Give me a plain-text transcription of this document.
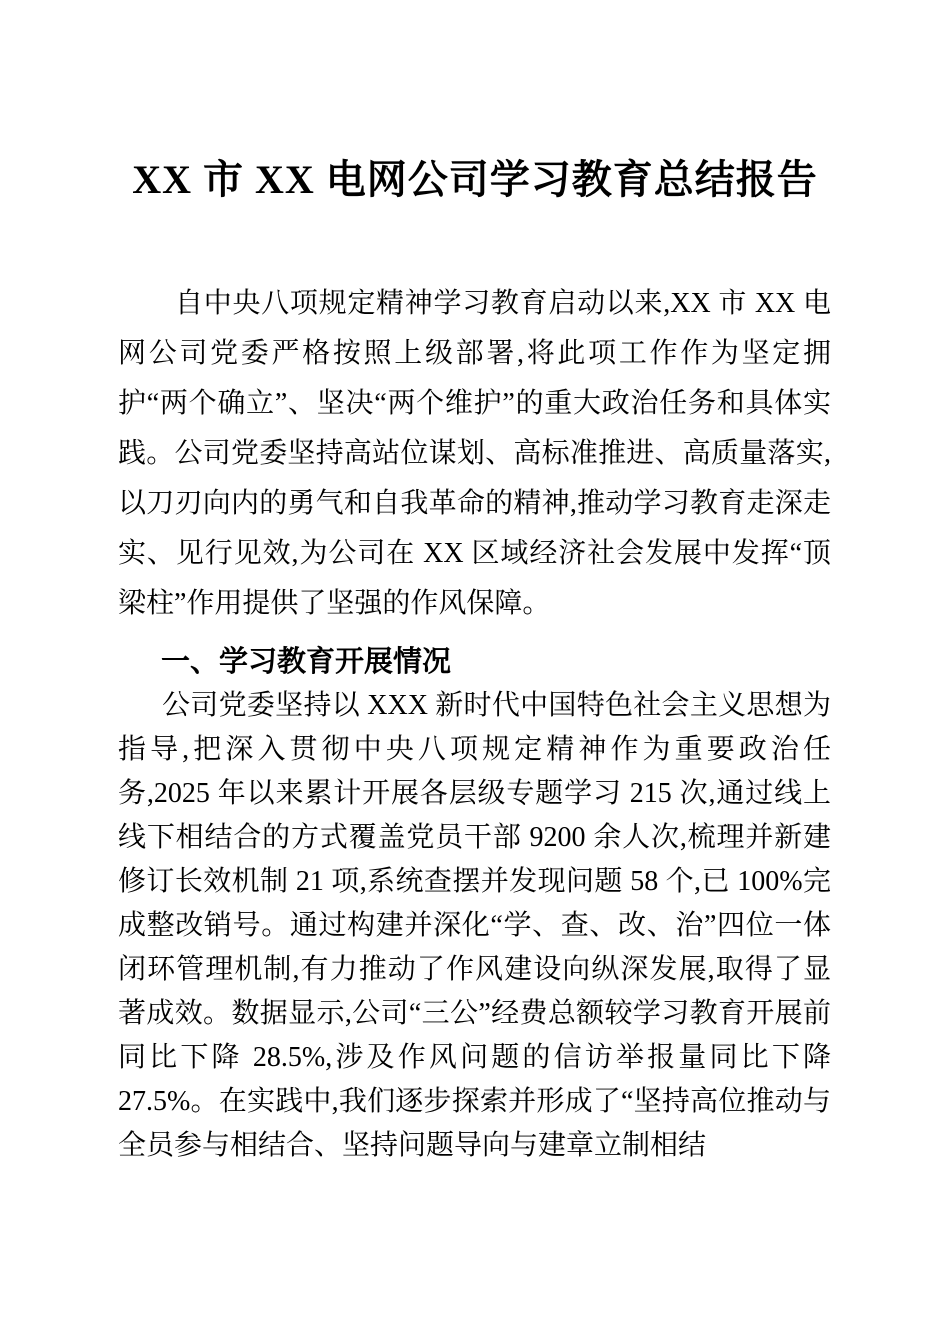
XX 市 XX 电网公司学习教育总结报告

自中央八项规定精神学习教育启动以来,XX 市 XX 电网公司党委严格按照上级部署,将此项工作作为坚定拥护“两个确立”、坚决“两个维护”的重大政治任务和具体实践。公司党委坚持高站位谋划、高标准推进、高质量落实,以刀刃向内的勇气和自我革命的精神,推动学习教育走深走实、见行见效,为公司在 XX 区域经济社会发展中发挥“顶梁柱”作用提供了坚强的作风保障。

一、学习教育开展情况

公司党委坚持以 XXX 新时代中国特色社会主义思想为指导,把深入贯彻中央八项规定精神作为重要政治任务,2025 年以来累计开展各层级专题学习 215 次,通过线上线下相结合的方式覆盖党员干部 9200 余人次,梳理并新建修订长效机制 21 项,系统查摆并发现问题 58 个,已 100%完成整改销号。通过构建并深化“学、查、改、治”四位一体闭环管理机制,有力推动了作风建设向纵深发展,取得了显著成效。数据显示,公司“三公”经费总额较学习教育开展前同比下降 28.5%,涉及作风问题的信访举报量同比下降 27.5%。在实践中,我们逐步探索并形成了“坚持高位推动与全员参与相结合、坚持问题导向与建章立制相结
